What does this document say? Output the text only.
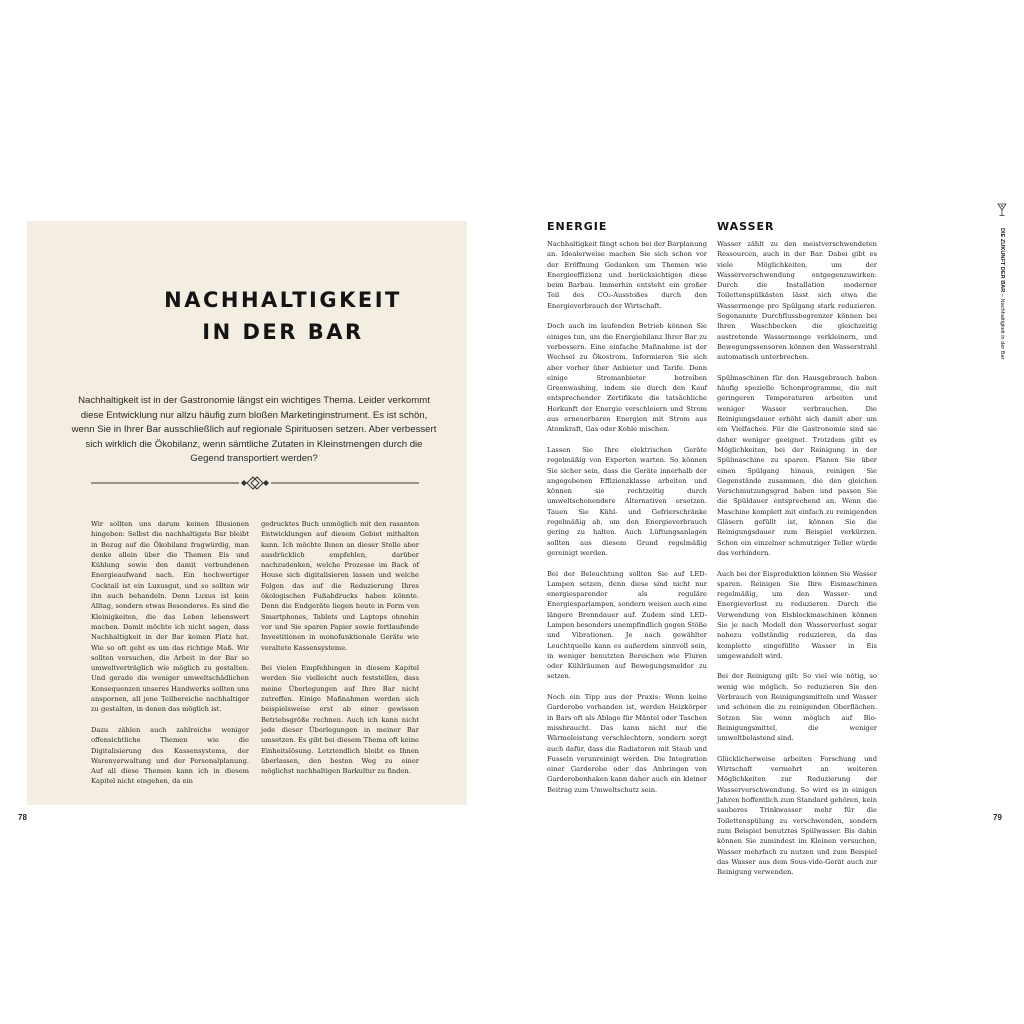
NACHHALTIGKEIT
IN DER BAR
Nachhaltigkeit ist in der Gastronomie längst ein wichtiges Thema. Leider verkommt diese Entwicklung nur allzu häufig zum bloßen Marketinginstrument. Es ist schön, wenn Sie in Ihrer Bar ausschließlich auf regionale Spirituosen setzen. Aber verbessert sich wirklich die Ökobilanz, wenn sämtliche Zutaten in Kleinstmengen durch die Gegend transportiert werden?

Wir sollten uns darum keinen Illusionen hingeben: Selbst die nachhaltigste Bar bleibt in Bezug auf die Ökobilanz fragwürdig, man denke allein über die Themen Eis und Kühlung sowie den damit verbundenen Energieaufwand nach. Ein hochwertiger Cocktail ist ein Luxusgut, und so sollten wir ihn auch behandeln. Denn Luxus ist kein Alltag, sondern etwas Besonderes. Es sind die Kleinigkeiten, die das Leben lebenswert machen. Damit möchte ich nicht sagen, dass Nachhaltigkeit in der Bar keinen Platz hat. Wie so oft geht es um das richtige Maß. Wir sollten versuchen, die Arbeit in der Bar so umweltverträglich wie möglich zu gestalten. Und gerade die weniger umweltschädlichen Konsequenzen unseres Handwerks sollten uns anspornen, all jene Teilbereiche nachhaltiger zu gestalten, in denen das möglich ist.

Dazu zählen auch zahlreiche weniger offensichtliche Themen wie die Digitalisierung des Kassensystems, der Warenverwaltung und der Personalplanung. Auf all diese Themen kann ich in diesem Kapitel nicht eingehen, da ein

gedrucktes Buch unmöglich mit den rasanten Entwicklungen auf diesem Gebiet mithalten kann. Ich möchte Ihnen an dieser Stelle aber ausdrücklich empfehlen, darüber nachzudenken, welche Prozesse im Back of House sich digitalisieren lassen und welche Folgen das auf die Reduzierung Ihres ökologischen Fußabdrucks haben könnte. Denn die Endgeräte liegen heute in Form von Smartphones, Tablets und Laptops ohnehin vor und Sie sparen Papier sowie fortlaufende Investitionen in monofunktionale Geräte wie veraltete Kassensysteme.

Bei vielen Empfehlungen in diesem Kapitel werden Sie vielleicht auch feststellen, dass meine Überlegungen auf Ihre Bar nicht zutreffen. Einige Maßnahmen werden sich beispielsweise erst ab einer gewissen Betriebsgröße rechnen. Auch ich kann nicht jede dieser Überlegungen in meiner Bar umsetzen. Es gibt bei diesem Thema oft keine Einheitslösung. Letztendlich bleibt es Ihnen überlassen, den besten Weg zu einer möglichst nachhaltigen Barkultur zu finden.

78
ENERGIE

Nachhaltigkeit fängt schon bei der Barplanung an. Idealerweise machen Sie sich schon vor der Eröffnung Gedanken um Themen wie Energieeffizienz und berücksichtigen diese beim Barbau. Immerhin entsteht ein großer Teil des CO₂-Ausstoßes durch den Energieverbrauch der Wirtschaft.

Doch auch im laufenden Betrieb können Sie einiges tun, um die Energiebilanz Ihrer Bar zu verbessern. Eine einfache Maßnahme ist der Wechsel zu Ökostrom. Informieren Sie sich aber vorher über Anbieter und Tarife. Denn einige Stromanbieter betreiben Greenwashing, indem sie durch den Kauf entsprechender Zertifikate die tatsächliche Herkunft der Energie verschleiern und Strom aus erneuerbaren Energien mit Strom aus Atomkraft, Gas oder Kohle mischen.

Lassen Sie Ihre elektrischen Geräte regelmäßig von Experten warten. So können Sie sicher sein, dass die Geräte innerhalb der angegebenen Effizienzklasse arbeiten und können sie rechtzeitig durch umweltschonendere Alternativen ersetzen. Tauen Sie Kühl- und Gefrierschränke regelmäßig ab, um den Energieverbrauch gering zu halten. Auch Lüftungsanlagen sollten aus diesem Grund regelmäßig gereinigt werden.

Bei der Beleuchtung sollten Sie auf LED-Lampen setzen, denn diese sind nicht nur energiesparender als reguläre Energiesparlampen, sondern weisen auch eine längere Brenndauer auf. Zudem sind LED-Lampen besonders unempfindlich gegen Stöße und Vibrationen. Je nach gewählter Leuchtquelle kann es außerdem sinnvoll sein, in weniger benutzten Bereichen wie Fluren oder Kühlräumen auf Bewegungsmelder zu setzen.

Noch ein Tipp aus der Praxis: Wenn keine Garderobe vorhanden ist, werden Heizkörper in Bars oft als Ablage für Mäntel oder Taschen missbraucht. Das kann nicht nur die Wärmeleistung verschlechtern, sondern sorgt auch dafür, dass die Radiatoren mit Staub und Fusseln verunreinigt werden. Die Integration einer Garderobe oder das Anbringen von Garderobenhaken kann daher auch ein kleiner Beitrag zum Umweltschutz sein.

WASSER

Wasser zählt zu den meistverschwendeten Ressourcen, auch in der Bar. Dabei gibt es viele Möglichkeiten, um der Wasserverschwendung entgegenzuwirken: Durch die Installation moderner Toilettenspülkästen lässt sich etwa die Wassermenge pro Spülgang stark reduzieren. Sogenannte Durchflussbegrenzer können bei Ihren Waschbecken die gleichzeitig austretende Wassermenge verkleinern, und Bewegungssensoren können den Wasserstrahl automatisch unterbrechen.

Spülmaschinen für den Hausgebrauch haben häufig spezielle Schonprogramme, die mit geringeren Temperaturen arbeiten und weniger Wasser verbrauchen. Die Reinigungsdauer erhöht sich damit aber um ein Vielfaches. Für die Gastronomie sind sie daher weniger geeignet. Trotzdem gibt es Möglichkeiten, bei der Reinigung in der Spülmaschine zu sparen. Planen Sie über einen Spülgang hinaus, reinigen Sie Gegenstände zusammen, die den gleichen Verschmutzungsgrad haben und passen Sie die Spüldauer entsprechend an. Wenn die Maschine komplett mit einfach zu reinigenden Gläsern gefüllt ist, können Sie die Reinigungsdauer zum Beispiel verkürzen. Schon ein einzelner schmutziger Teller würde das verhindern.

Auch bei der Eisproduktion können Sie Wasser sparen. Reinigen Sie Ihre Eismaschinen regelmäßig, um den Wasser- und Energieverlust zu reduzieren. Durch die Verwendung von Eisblockmaschinen können Sie je nach Modell den Wasserverlust sogar nahezu vollständig reduzieren, da das komplette eingefüllte Wasser in Eis umgewandelt wird.

Bei der Reinigung gilt: So viel wie nötig, so wenig wie möglich. So reduzieren Sie den Verbrauch von Reinigungsmitteln und Wasser und schonen die zu reinigenden Oberflächen. Setzen Sie wenn möglich auf Bio-Reinigungsmittel, die weniger umweltbelastend sind.

Glücklicherweise arbeiten Forschung und Wirtschaft vermehrt an weiteren Möglichkeiten zur Reduzierung der Wasserverschwendung. So wird es in einigen Jahren hoffentlich zum Standard gehören, kein sauberes Trinkwasser mehr für die Toilettenspülung zu verschwenden, sondern zum Beispiel benutztes Spülwasser. Bis dahin können Sie zumindest im Kleinen versuchen, Wasser mehrfach zu nutzen und zum Beispiel das Wasser aus dem Sous-vide-Gerät auch zur Reinigung verwenden.

DIE ZUKUNFT DER BAR – Nachhaltigkeit in der Bar
79
